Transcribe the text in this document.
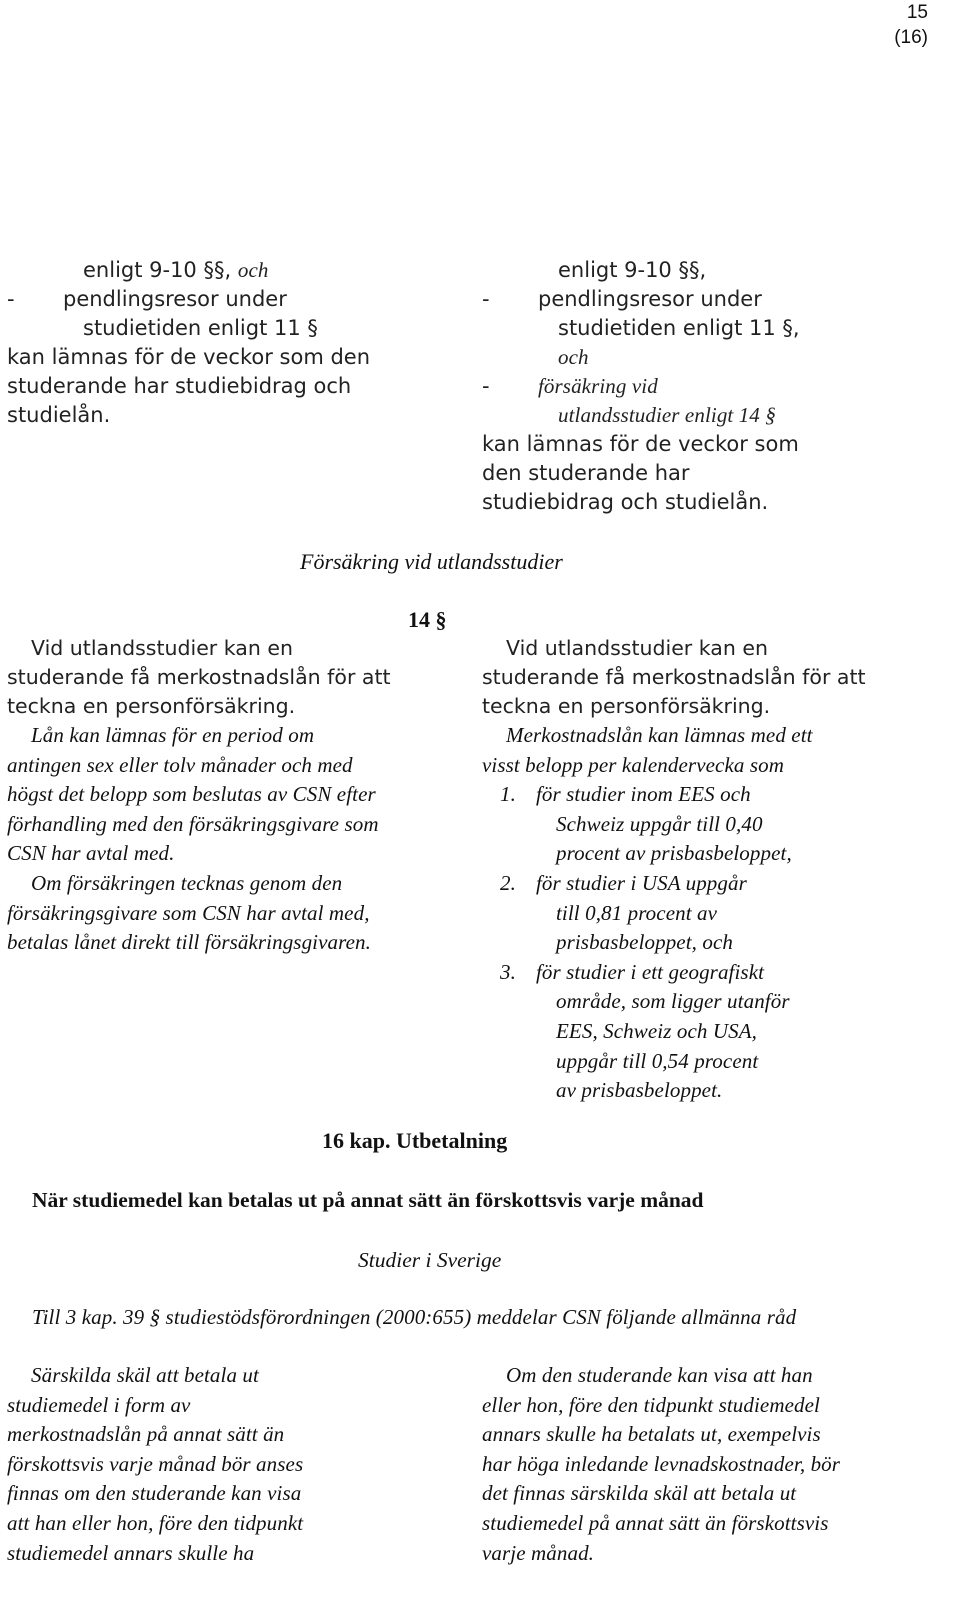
15
(16)
enligt 9-10 §§, och
- pendlingsresor under
studietiden enligt 11 §
kan lämnas för de veckor som den
studerande har studiebidrag och
studielån.
enligt 9-10 §§,
- pendlingsresor under
studietiden enligt 11 §,
och
- försäkring vid
utlandsstudier enligt 14 §
kan lämnas för de veckor som
den studerande har
studiebidrag och studielån.
Försäkring vid utlandsstudier
14 §
Vid utlandsstudier kan en
studerande få merkostnadslån för att
teckna en personförsäkring.
Lån kan lämnas för en period om
antingen sex eller tolv månader och med
högst det belopp som beslutas av CSN efter
förhandling med den försäkringsgivare som
CSN har avtal med.
Om försäkringen tecknas genom den
försäkringsgivare som CSN har avtal med,
betalas lånet direkt till försäkringsgivaren.
Vid utlandsstudier kan en
studerande få merkostnadslån för att
teckna en personförsäkring.
Merkostnadslån kan lämnas med ett
visst belopp per kalendervecka som
1. för studier inom EES och
Schweiz uppgår till 0,40
procent av prisbasbeloppet,
2. för studier i USA uppgår
till 0,81 procent av
prisbasbeloppet, och
3. för studier i ett geografiskt
område, som ligger utanför
EES, Schweiz och USA,
uppgår till 0,54 procent
av prisbasbeloppet.
16 kap. Utbetalning
När studiemedel kan betalas ut på annat sätt än förskottsvis varje månad
Studier i Sverige
Till 3 kap. 39 § studiestödsförordningen (2000:655) meddelar CSN följande allmänna råd
Särskilda skäl att betala ut
studiemedel i form av
merkostnadslån på annat sätt än
förskottsvis varje månad bör anses
finnas om den studerande kan visa
att han eller hon, före den tidpunkt
studiemedel annars skulle ha
Om den studerande kan visa att han
eller hon, före den tidpunkt studiemedel
annars skulle ha betalats ut, exempelvis
har höga inledande levnadskostnader, bör
det finnas särskilda skäl att betala ut
studiemedel på annat sätt än förskottsvis
varje månad.
